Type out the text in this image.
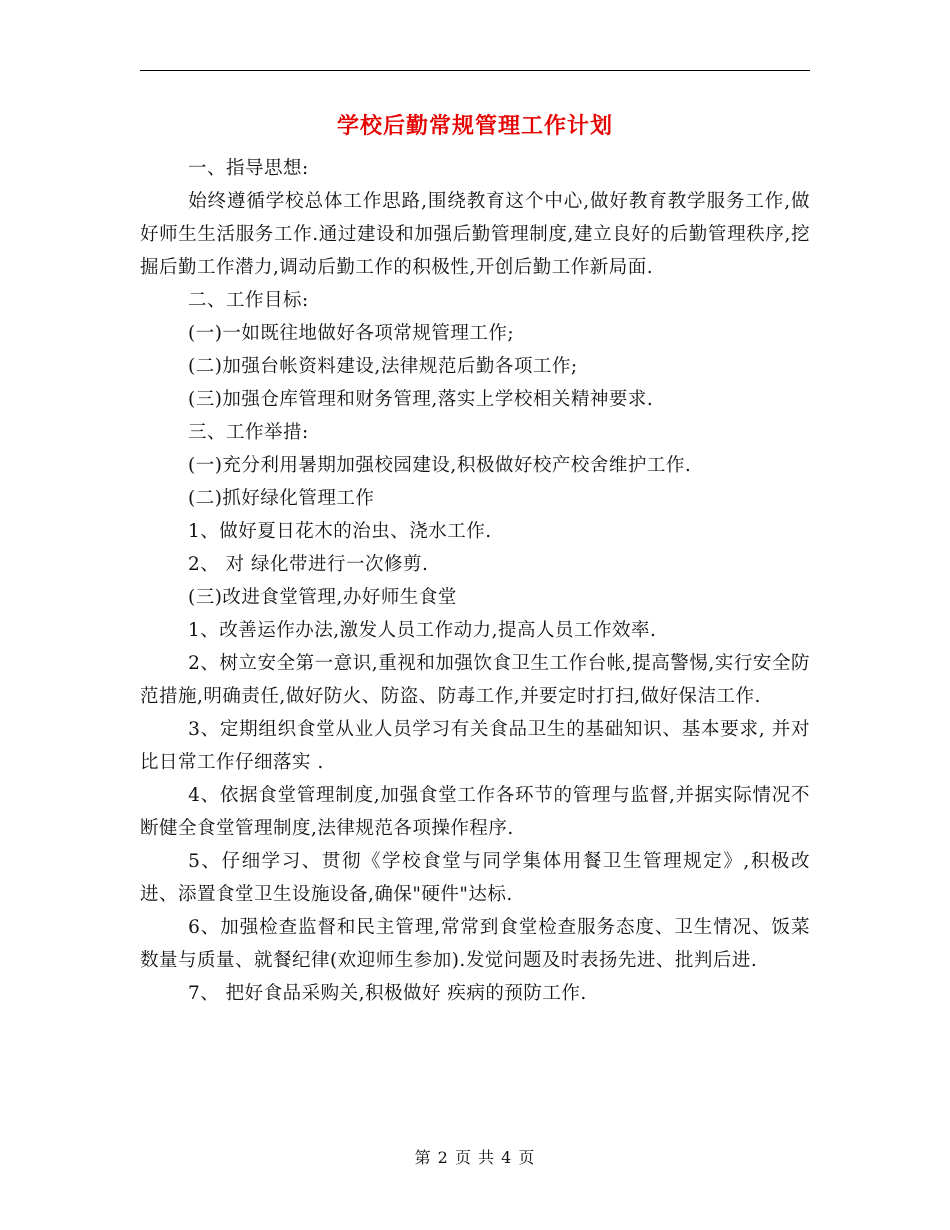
学校后勤常规管理工作计划

一、指导思想:

始终遵循学校总体工作思路,围绕教育这个中心,做好教育教学服务工作,做好师生生活服务工作.通过建设和加强后勤管理制度,建立良好的后勤管理秩序,挖掘后勤工作潜力,调动后勤工作的积极性,开创后勤工作新局面.

二、工作目标:

(一)一如既往地做好各项常规管理工作;

(二)加强台帐资料建设,法律规范后勤各项工作;

(三)加强仓库管理和财务管理,落实上学校相关精神要求.

三、工作举措:

(一)充分利用暑期加强校园建设,积极做好校产校舍维护工作.

(二)抓好绿化管理工作

1、做好夏日花木的治虫、浇水工作.

2、 对 绿化带进行一次修剪.

(三)改进食堂管理,办好师生食堂

1、改善运作办法,激发人员工作动力,提高人员工作效率.

2、树立安全第一意识,重视和加强饮食卫生工作台帐,提高警惕,实行安全防范措施,明确责任,做好防火、防盗、防毒工作,并要定时打扫,做好保洁工作.

3、定期组织食堂从业人员学习有关食品卫生的基础知识、基本要求, 并对比日常工作仔细落实 .

4、依据食堂管理制度,加强食堂工作各环节的管理与监督,并据实际情况不断健全食堂管理制度,法律规范各项操作程序.

5、仔细学习、贯彻《学校食堂与同学集体用餐卫生管理规定》,积极改进、添置食堂卫生设施设备,确保"硬件"达标.

6、加强检查监督和民主管理,常常到食堂检查服务态度、卫生情况、饭菜数量与质量、就餐纪律(欢迎师生参加).发觉问题及时表扬先进、批判后进.

7、 把好食品采购关,积极做好 疾病的预防工作.

第 2 页 共 4 页
